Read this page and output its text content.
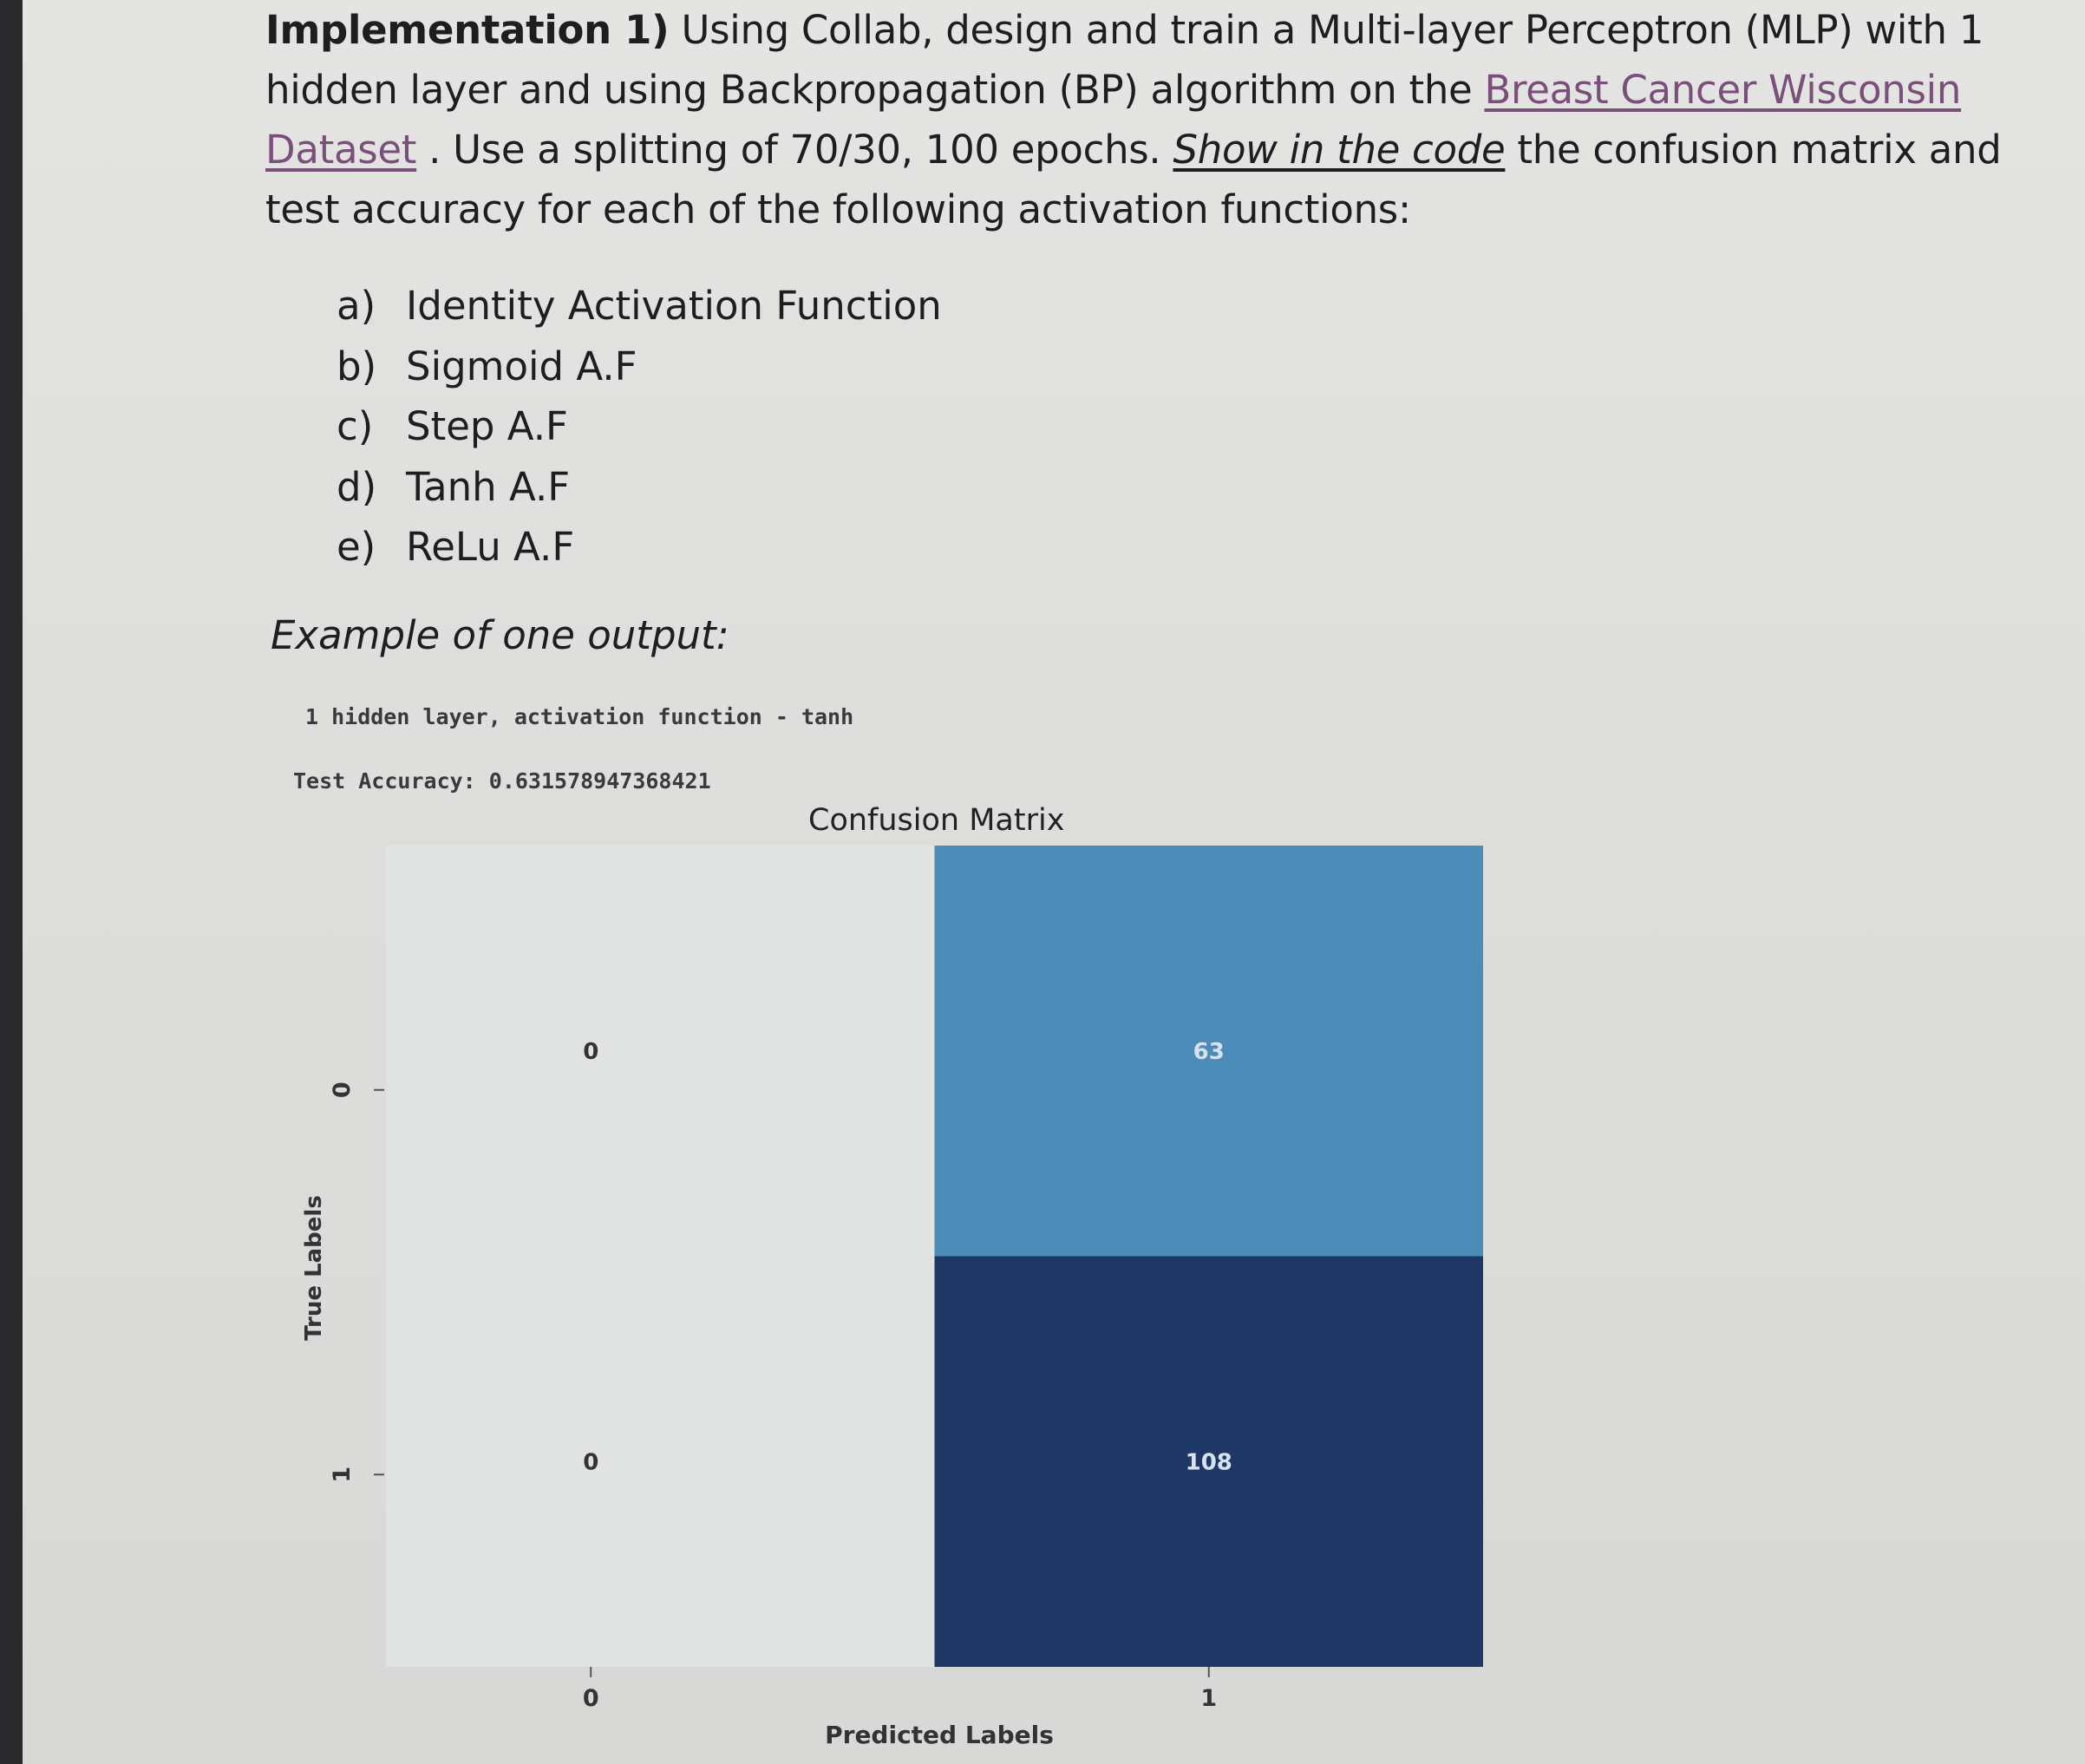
Implementation 1) Using Collab, design and train a Multi-layer Perceptron (MLP) with 1 hidden layer and using Backpropagation (BP) algorithm on the Breast Cancer Wisconsin Dataset . Use a splitting of 70/30, 100 epochs. Show in the code the confusion matrix and test accuracy for each of the following activation functions:

a) Identity Activation Function
b) Sigmoid A.F
c) Step A.F
d) Tanh A.F
e) ReLu A.F
Example of one output:
1 hidden layer, activation function - tanh
Test Accuracy: 0.631578947368421
Confusion Matrix
0	63
0	108
0	1
0
1
Predicted Labels
True Labels
